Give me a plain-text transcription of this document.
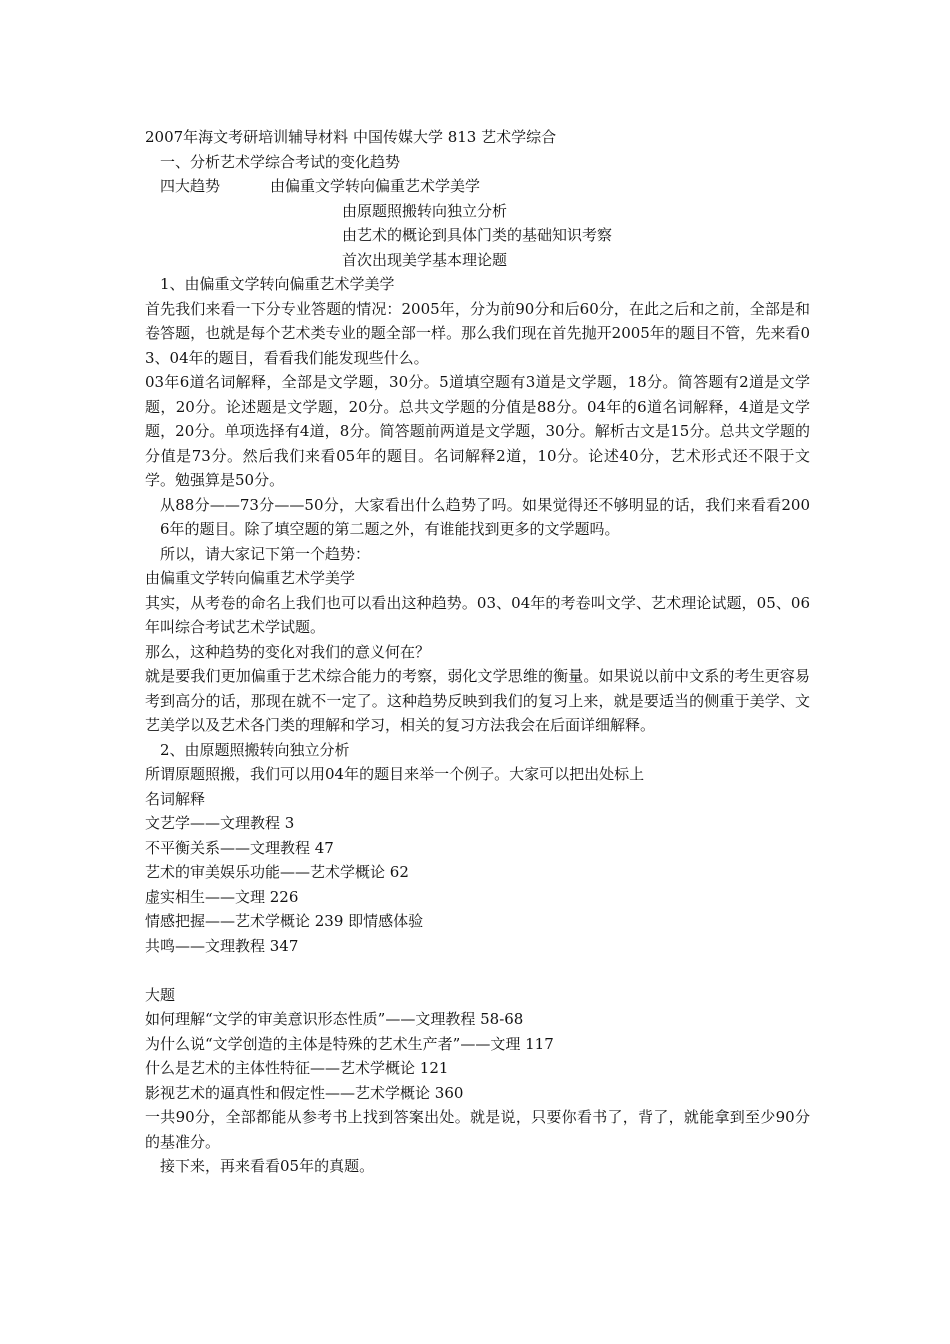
2007年海文考研培训辅导材料 中国传媒大学 813 艺术学综合

一、分析艺术学综合考试的变化趋势

四大趋势	由偏重文学转向偏重艺术学美学

由原题照搬转向独立分析

由艺术的概论到具体门类的基础知识考察

首次出现美学基本理论题

1、由偏重文学转向偏重艺术学美学

首先我们来看一下分专业答题的情况：2005年，分为前90分和后60分，在此之后和之前，全部是和卷答题，也就是每个艺术类专业的题全部一样。那么我们现在首先抛开2005年的题目不管，先来看03、04年的题目，看看我们能发现些什么。

03年6道名词解释，全部是文学题，30分。5道填空题有3道是文学题，18分。简答题有2道是文学题，20分。论述题是文学题，20分。总共文学题的分值是88分。04年的6道名词解释，4道是文学题，20分。单项选择有4道，8分。简答题前两道是文学题，30分。解析古文是15分。总共文学题的分值是73分。然后我们来看05年的题目。名词解释2道，10分。论述40分，艺术形式还不限于文学。勉强算是50分。

从88分——73分——50分，大家看出什么趋势了吗。如果觉得还不够明显的话，我们来看看2006年的题目。除了填空题的第二题之外，有谁能找到更多的文学题吗。

所以，请大家记下第一个趋势：

由偏重文学转向偏重艺术学美学

其实，从考卷的命名上我们也可以看出这种趋势。03、04年的考卷叫文学、艺术理论试题，05、06年叫综合考试艺术学试题。

那么，这种趋势的变化对我们的意义何在？

就是要我们更加偏重于艺术综合能力的考察，弱化文学思维的衡量。如果说以前中文系的考生更容易考到高分的话，那现在就不一定了。这种趋势反映到我们的复习上来，就是要适当的侧重于美学、文艺美学以及艺术各门类的理解和学习，相关的复习方法我会在后面详细解释。

2、由原题照搬转向独立分析

所谓原题照搬，我们可以用04年的题目来举一个例子。大家可以把出处标上

名词解释

文艺学——文理教程 3

不平衡关系——文理教程 47

艺术的审美娱乐功能——艺术学概论 62

虚实相生——文理 226

情感把握——艺术学概论 239 即情感体验

共鸣——文理教程 347

大题

如何理解“文学的审美意识形态性质”——文理教程 58-68

为什么说“文学创造的主体是特殊的艺术生产者”——文理 117

什么是艺术的主体性特征——艺术学概论 121

影视艺术的逼真性和假定性——艺术学概论 360

一共90分，全部都能从参考书上找到答案出处。就是说，只要你看书了，背了，就能拿到至少90分的基准分。

接下来，再来看看05年的真题。
